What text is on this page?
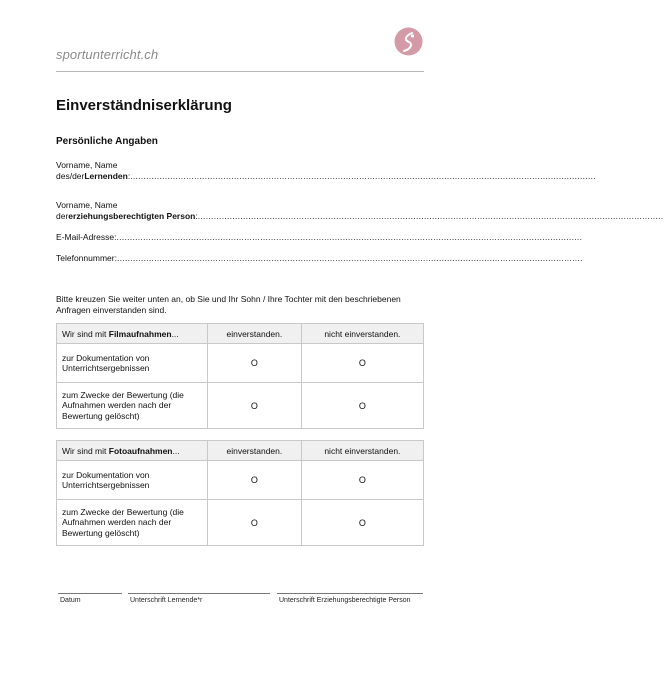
sportunterricht.ch
Einverständniserklärung
Persönliche Angaben
Vorname, Name
des/der Lernenden : ...............................................................................................................................................................................
Vorname, Name
der erziehungsberechtigten Person : ...............................................................................................................................................................................
E-Mail-Adresse: ...............................................................................................................................................................................
Telefonnummer: ...............................................................................................................................................................................
Bitte kreuzen Sie weiter unten an, ob Sie und Ihr Sohn / Ihre Tochter mit den beschriebenen Anfragen einverstanden sind.
Wir sind mit Filmaufnahmen...	einverstanden.	nicht einverstanden.
zur Dokumentation von Unterrichtsergebnissen	O	O
zum Zwecke der Bewertung (die Aufnahmen werden nach der Bewertung gelöscht)	O	O
Wir sind mit Fotoaufnahmen...	einverstanden.	nicht einverstanden.
zur Dokumentation von Unterrichtsergebnissen	O	O
zum Zwecke der Bewertung (die Aufnahmen werden nach der Bewertung gelöscht)	O	O
Datum	Unterschrift Lernende*r	Unterschrift Erziehungsberechtigte Person
